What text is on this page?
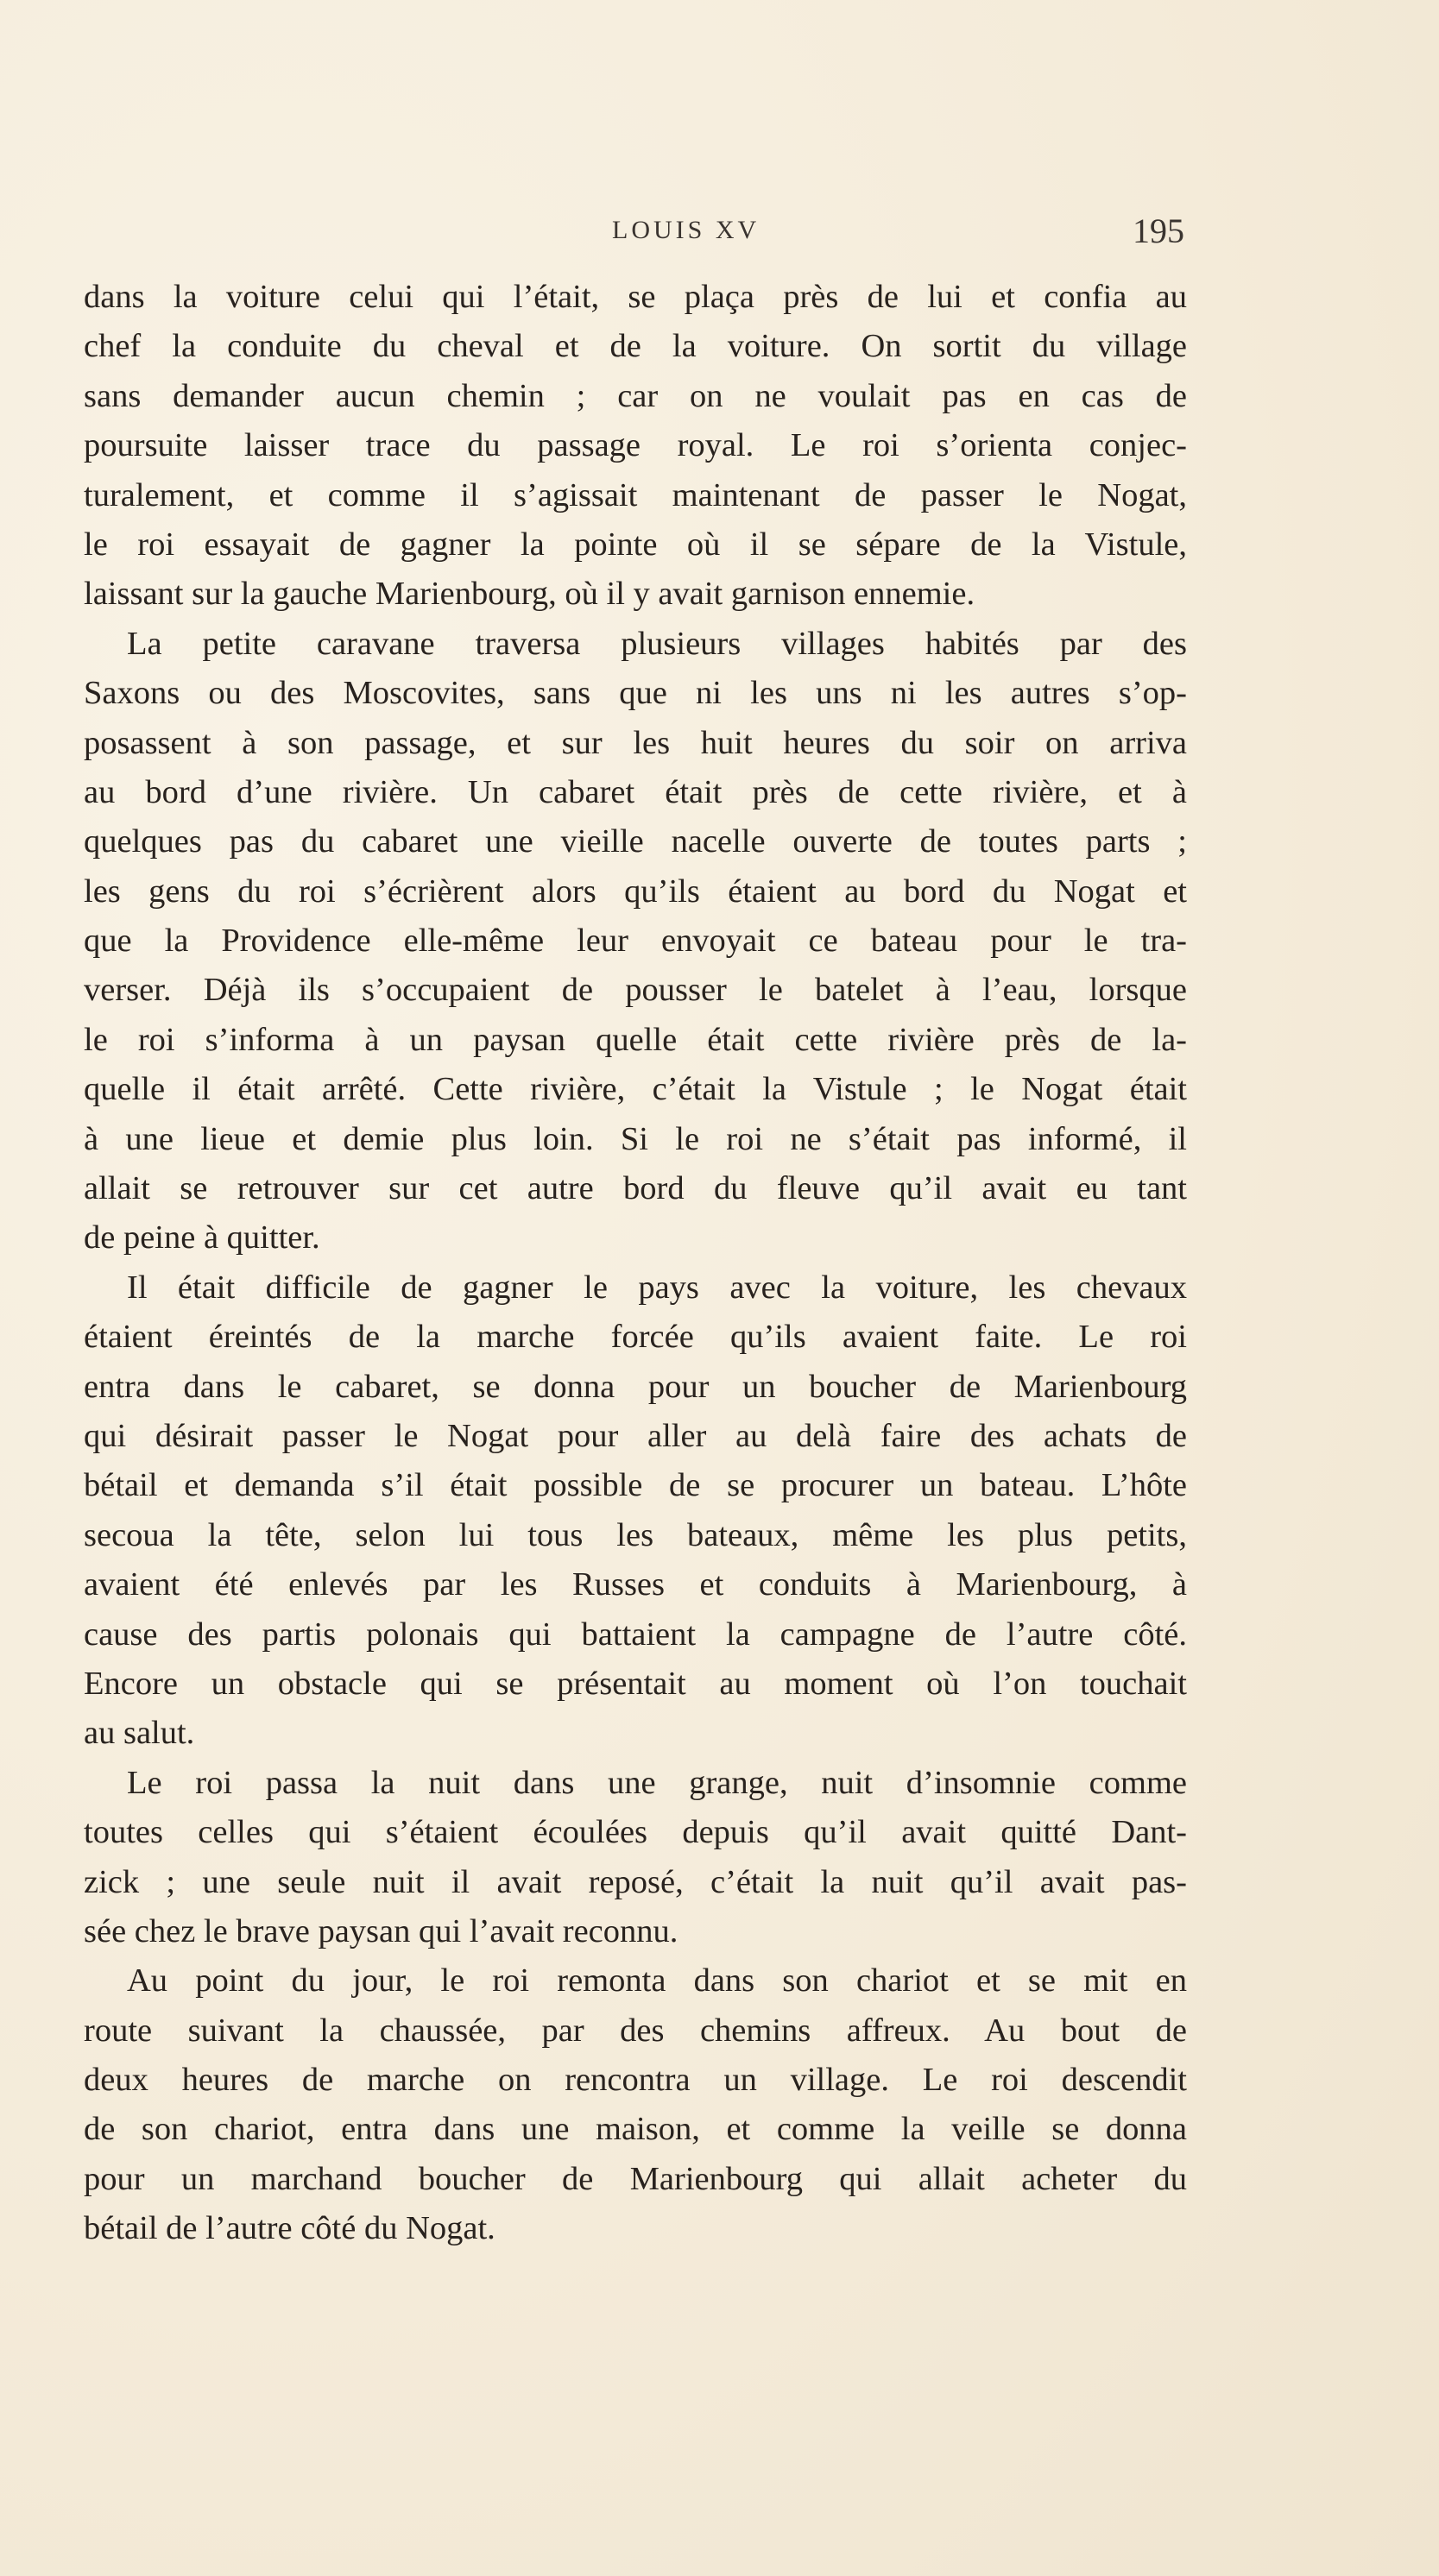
LOUIS XV	195
dans la voiture celui qui l’était, se plaça près de lui et confia au
chef la conduite du cheval et de la voiture. On sortit du village
sans demander aucun chemin ; car on ne voulait pas en cas de
poursuite laisser trace du passage royal. Le roi s’orienta conjec-
turalement, et comme il s’agissait maintenant de passer le Nogat,
le roi essayait de gagner la pointe où il se sépare de la Vistule,
laissant sur la gauche Marienbourg, où il y avait garnison ennemie.
La petite caravane traversa plusieurs villages habités par des
Saxons ou des Moscovites, sans que ni les uns ni les autres s’op-
posassent à son passage, et sur les huit heures du soir on arriva
au bord d’une rivière. Un cabaret était près de cette rivière, et à
quelques pas du cabaret une vieille nacelle ouverte de toutes parts ;
les gens du roi s’écrièrent alors qu’ils étaient au bord du Nogat et
que la Providence elle-même leur envoyait ce bateau pour le tra-
verser. Déjà ils s’occupaient de pousser le batelet à l’eau, lorsque
le roi s’informa à un paysan quelle était cette rivière près de la-
quelle il était arrêté. Cette rivière, c’était la Vistule ; le Nogat était
à une lieue et demie plus loin. Si le roi ne s’était pas informé, il
allait se retrouver sur cet autre bord du fleuve qu’il avait eu tant
de peine à quitter.
Il était difficile de gagner le pays avec la voiture, les chevaux
étaient éreintés de la marche forcée qu’ils avaient faite. Le roi
entra dans le cabaret, se donna pour un boucher de Marienbourg
qui désirait passer le Nogat pour aller au delà faire des achats de
bétail et demanda s’il était possible de se procurer un bateau. L’hôte
secoua la tête, selon lui tous les bateaux, même les plus petits,
avaient été enlevés par les Russes et conduits à Marienbourg, à
cause des partis polonais qui battaient la campagne de l’autre côté.
Encore un obstacle qui se présentait au moment où l’on touchait
au salut.
Le roi passa la nuit dans une grange, nuit d’insomnie comme
toutes celles qui s’étaient écoulées depuis qu’il avait quitté Dant-
zick ; une seule nuit il avait reposé, c’était la nuit qu’il avait pas-
sée chez le brave paysan qui l’avait reconnu.
Au point du jour, le roi remonta dans son chariot et se mit en
route suivant la chaussée, par des chemins affreux. Au bout de
deux heures de marche on rencontra un village. Le roi descendit
de son chariot, entra dans une maison, et comme la veille se donna
pour un marchand boucher de Marienbourg qui allait acheter du
bétail de l’autre côté du Nogat.
